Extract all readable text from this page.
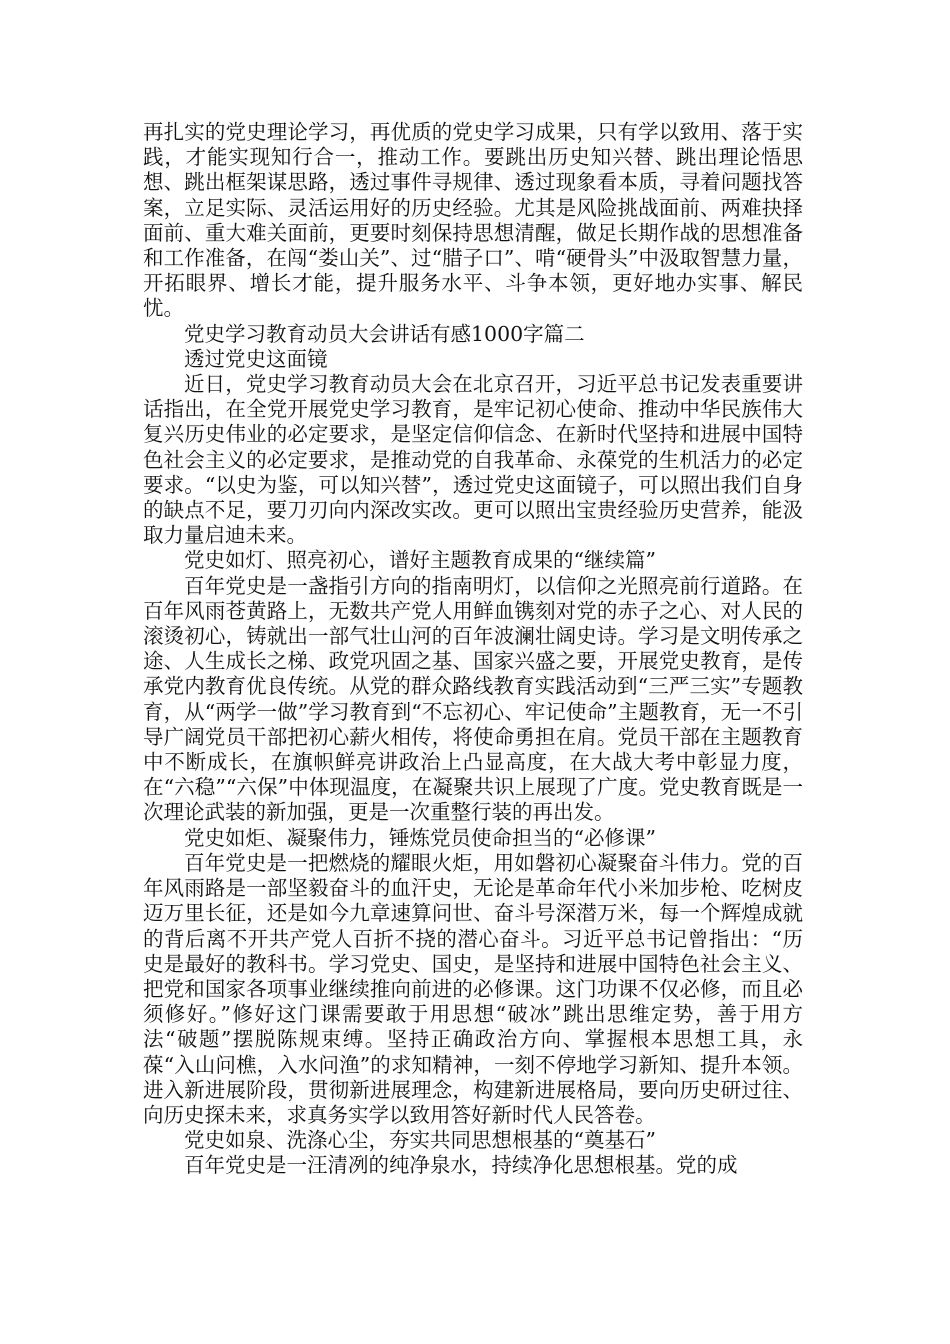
再扎实的党史理论学习，再优质的党史学习成果，只有学以致用、落于实践，才能实现知行合一，推动工作。要跳出历史知兴替、跳出理论悟思想、跳出框架谋思路，透过事件寻规律、透过现象看本质，寻着问题找答案，立足实际、灵活运用好的历史经验。尤其是风险挑战面前、两难抉择面前、重大难关面前，更要时刻保持思想清醒，做足长期作战的思想准备和工作准备，在闯“娄山关”、过“腊子口”、啃“硬骨头”中汲取智慧力量，开拓眼界、增长才能，提升服务水平、斗争本领，更好地办实事、解民忧。

党史学习教育动员大会讲话有感1000字篇二

透过党史这面镜

近日，党史学习教育动员大会在北京召开，习近平总书记发表重要讲话指出，在全党开展党史学习教育，是牢记初心使命、推动中华民族伟大复兴历史伟业的必定要求，是坚定信仰信念、在新时代坚持和进展中国特色社会主义的必定要求，是推动党的自我革命、永葆党的生机活力的必定要求。“以史为鉴，可以知兴替”，透过党史这面镜子，可以照出我们自身的缺点不足，要刀刃向内深改实改。更可以照出宝贵经验历史营养，能汲取力量启迪未来。

党史如灯、照亮初心，谱好主题教育成果的“继续篇”

百年党史是一盏指引方向的指南明灯，以信仰之光照亮前行道路。在百年风雨苍黄路上，无数共产党人用鲜血镌刻对党的赤子之心、对人民的滚烫初心，铸就出一部气壮山河的百年波澜壮阔史诗。学习是文明传承之途、人生成长之梯、政党巩固之基、国家兴盛之要，开展党史教育，是传承党内教育优良传统。从党的群众路线教育实践活动到“三严三实”专题教育，从“两学一做”学习教育到“不忘初心、牢记使命”主题教育，无一不引导广阔党员干部把初心薪火相传，将使命勇担在肩。党员干部在主题教育中不断成长，在旗帜鲜亮讲政治上凸显高度，在大战大考中彰显力度，在“六稳”“六保”中体现温度，在凝聚共识上展现了广度。党史教育既是一次理论武装的新加强，更是一次重整行装的再出发。

党史如炬、凝聚伟力，锤炼党员使命担当的“必修课”

百年党史是一把燃烧的耀眼火炬，用如磐初心凝聚奋斗伟力。党的百年风雨路是一部坚毅奋斗的血汗史，无论是革命年代小米加步枪、吃树皮迈万里长征，还是如今九章速算问世、奋斗号深潜万米，每一个辉煌成就的背后离不开共产党人百折不挠的潜心奋斗。习近平总书记曾指出：“历史是最好的教科书。学习党史、国史，是坚持和进展中国特色社会主义、把党和国家各项事业继续推向前进的必修课。这门功课不仅必修，而且必须修好。”修好这门课需要敢于用思想“破冰”跳出思维定势，善于用方法“破题”摆脱陈规束缚。坚持正确政治方向、掌握根本思想工具，永葆“入山问樵，入水问渔”的求知精神，一刻不停地学习新知、提升本领。进入新进展阶段，贯彻新进展理念，构建新进展格局，要向历史研过往、向历史探未来，求真务实学以致用答好新时代人民答卷。

党史如泉、洗涤心尘，夯实共同思想根基的“奠基石”

百年党史是一汪清冽的纯净泉水，持续净化思想根基。党的成
